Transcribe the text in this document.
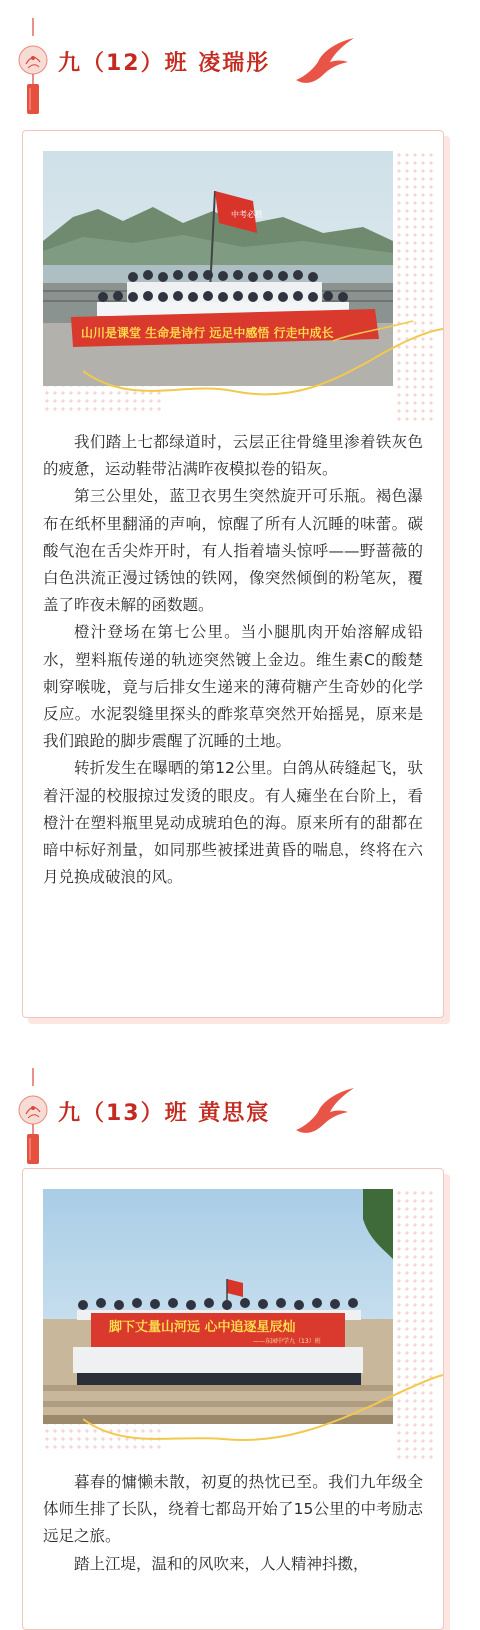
九（12）班 凌瑞彤
中考必胜
山川是课堂 生命是诗行 远足中感悟 行走中成长

我们踏上七都绿道时，云层正往骨缝里渗着铁灰色的疲惫，运动鞋带沾满昨夜模拟卷的铅灰。

第三公里处，蓝卫衣男生突然旋开可乐瓶。褐色瀑布在纸杯里翻涌的声响，惊醒了所有人沉睡的味蕾。碳酸气泡在舌尖炸开时，有人指着墙头惊呼——野蔷薇的白色洪流正漫过锈蚀的铁网，像突然倾倒的粉笔灰，覆盖了昨夜未解的函数题。

橙汁登场在第七公里。当小腿肌肉开始溶解成铅水，塑料瓶传递的轨迹突然镀上金边。维生素C的酸楚刺穿喉咙，竟与后排女生递来的薄荷糖产生奇妙的化学反应。水泥裂缝里探头的酢浆草突然开始摇晃，原来是我们踉跄的脚步震醒了沉睡的土地。

转折发生在曝晒的第12公里。白鸽从砖缝起飞，驮着汗湿的校服掠过发烫的眼皮。有人瘫坐在台阶上，看橙汁在塑料瓶里晃动成琥珀色的海。原来所有的甜都在暗中标好剂量，如同那些被揉进黄昏的喘息，终将在六月兑换成破浪的风。

九（13）班 黄思宸
脚下丈量山河远 心中追逐星辰灿
——东园中学九（13）班

暮春的慵懒未散，初夏的热忱已至。我们九年级全体师生排了长队，绕着七都岛开始了15公里的中考励志远足之旅。

踏上江堤，温和的风吹来，人人精神抖擞，
